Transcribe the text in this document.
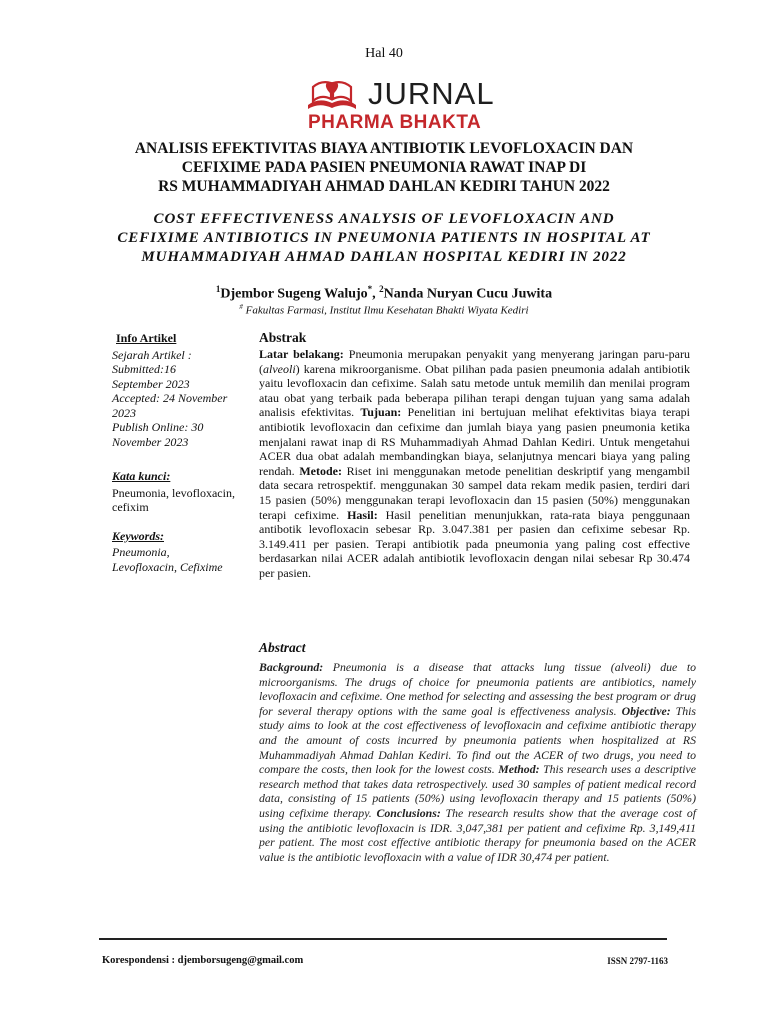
Hal 40
JURNAL
PHARMA BHAKTA
ANALISIS EFEKTIVITAS BIAYA ANTIBIOTIK LEVOFLOXACIN DAN
CEFIXIME PADA PASIEN PNEUMONIA RAWAT INAP DI
RS MUHAMMADIYAH AHMAD DAHLAN KEDIRI TAHUN 2022
COST EFFECTIVENESS ANALYSIS OF LEVOFLOXACIN AND
CEFIXIME ANTIBIOTICS IN PNEUMONIA PATIENTS IN HOSPITAL AT
MUHAMMADIYAH AHMAD DAHLAN HOSPITAL KEDIRI IN 2022
$^1$Djembor Sugeng Walujo*, $^2$Nanda Nuryan Cucu Juwita
# Fakultas Farmasi, Institut Ilmu Kesehatan Bhakti Wiyata Kediri
Info Artikel
Sejarah Artikel :
Submitted:16
September 2023
Accepted: 24 November
2023
Publish Online: 30
November 2023
Kata kunci:
Pneumonia, levofloxacin,
cefixim
Keywords:
Pneumonia,
Levofloxacin, Cefixime
Abstrak
Latar belakang: Pneumonia merupakan penyakit yang menyerang jaringan paru-paru (alveoli) karena mikroorganisme. Obat pilihan pada pasien pneumonia adalah antibiotik yaitu levofloxacin dan cefixime. Salah satu metode untuk memilih dan menilai program atau obat yang terbaik pada beberapa pilihan terapi dengan tujuan yang sama adalah analisis efektivitas. Tujuan: Penelitian ini bertujuan melihat efektivitas biaya terapi antibiotik levofloxacin dan cefixime dan jumlah biaya yang pasien pneumonia ketika menjalani rawat inap di RS Muhammadiyah Ahmad Dahlan Kediri. Untuk mengetahui ACER dua obat adalah membandingkan biaya, selanjutnya mencari biaya yang paling rendah. Metode: Riset ini menggunakan metode penelitian deskriptif yang mengambil data secara retrospektif. menggunakan 30 sampel data rekam medik pasien, terdiri dari 15 pasien (50%) menggunakan terapi levofloxacin dan 15 pasien (50%) menggunakan terapi cefixime. Hasil: Hasil penelitian menunjukkan, rata-rata biaya penggunaan antibotik levofloxacin sebesar Rp. 3.047.381 per pasien dan cefixime sebesar Rp. 3.149.411 per pasien. Terapi antibiotik pada pneumonia yang paling cost effective berdasarkan nilai ACER adalah antibiotik levofloxacin dengan nilai sebesar Rp 30.474 per pasien.
Abstract
Background: Pneumonia is a disease that attacks lung tissue (alveoli) due to microorganisms. The drugs of choice for pneumonia patients are antibiotics, namely levofloxacin and cefixime. One method for selecting and assessing the best program or drug for several therapy options with the same goal is effectiveness analysis. Objective: This study aims to look at the cost effectiveness of levofloxacin and cefixime antibiotic therapy and the amount of costs incurred by pneumonia patients when hospitalized at RS Muhammadiyah Ahmad Dahlan Kediri. To find out the ACER of two drugs, you need to compare the costs, then look for the lowest costs. Method: This research uses a descriptive research method that takes data retrospectively. used 30 samples of patient medical record data, consisting of 15 patients (50%) using levofloxacin therapy and 15 patients (50%) using cefixime therapy. Conclusions: The research results show that the average cost of using the antibiotic levofloxacin is IDR. 3,047,381 per patient and cefixime Rp. 3,149,411 per patient. The most cost effective antibiotic therapy for pneumonia based on the ACER value is the antibiotic levofloxacin with a value of IDR 30,474 per patient.
Korespondensi : djemborsugeng@gmail.com	ISSN 2797-1163
